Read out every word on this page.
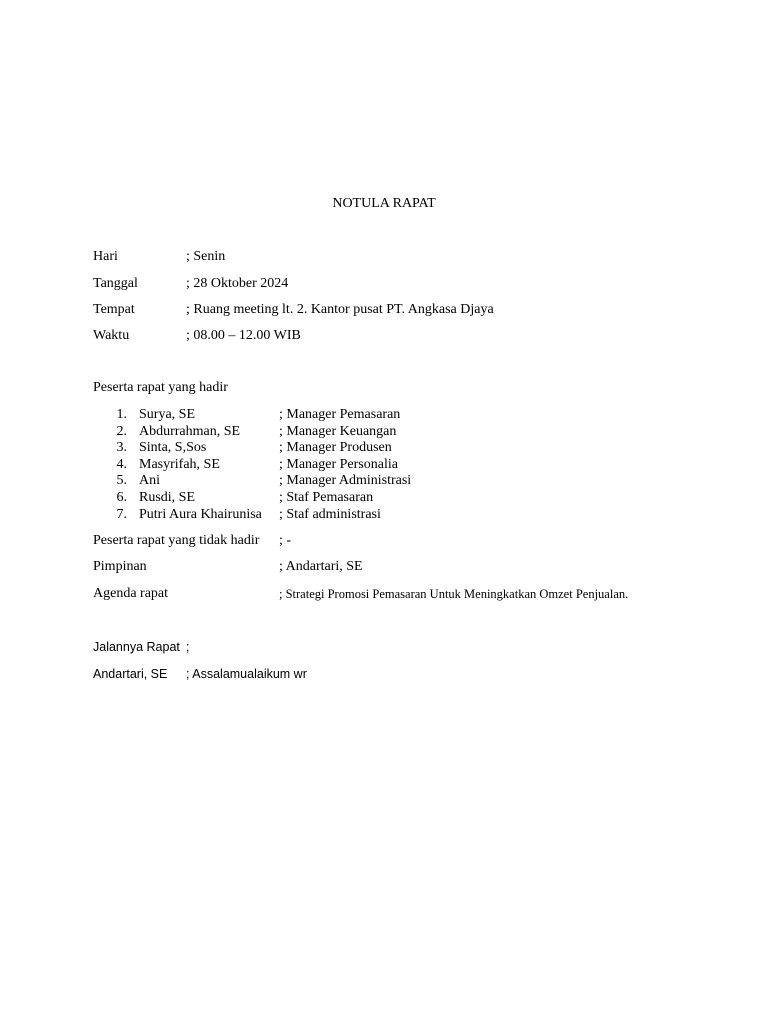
NOTULA RAPAT
Hari	; Senin
Tanggal	; 28 Oktober 2024
Tempat	; Ruang meeting lt. 2. Kantor pusat PT. Angkasa Djaya
Waktu	; 08.00 – 12.00 WIB
Peserta rapat yang hadir
1. Surya, SE	; Manager Pemasaran
2. Abdurrahman, SE	; Manager Keuangan
3. Sinta, S,Sos	; Manager Produsen
4. Masyrifah, SE	; Manager Personalia
5. Ani	; Manager Administrasi
6. Rusdi, SE	; Staf Pemasaran
7. Putri Aura Khairunisa ; Staf administrasi
Peserta rapat yang tidak hadir ; -
Pimpinan	; Andartari, SE
Agenda rapat	; Strategi Promosi Pemasaran Untuk Meningkatkan Omzet Penjualan.
Jalannya Rapat ;
Andartari, SE ; Assalamualaikum wr
